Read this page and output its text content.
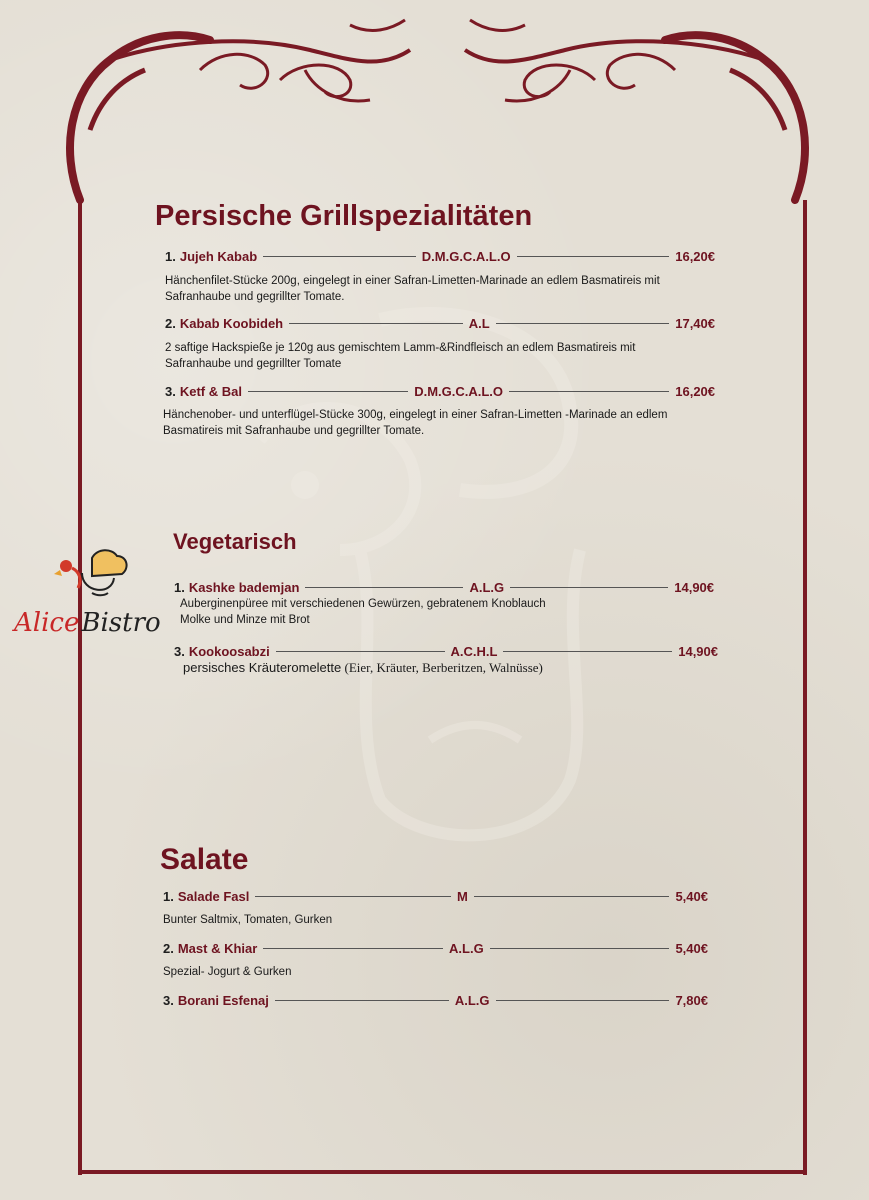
Persische Grillspezialitäten
1. Jujeh Kabab	D.M.G.C.A.L.O	16,20€
Hänchenfilet-Stücke 200g, eingelegt in einer Safran-Limetten-Marinade an edlem Basmatireis mit
Safranhaube und gegrillter Tomate.
2. Kabab Koobideh	A.L	17,40€
2 saftige Hackspieße je 120g aus gemischtem Lamm-&Rindfleisch an edlem Basmatireis mit
Safranhaube und gegrillter Tomate
3. Ketf & Bal	D.M.G.C.A.L.O	16,20€
Hänchenober- und unterflügel-Stücke 300g, eingelegt in einer Safran-Limetten -Marinade an edlem
Basmatireis mit Safranhaube und gegrillter Tomate.
AliceBistro
Vegetarisch
1. Kashke bademjan	A.L.G	14,90€
Auberginenpüree mit verschiedenen Gewürzen, gebratenem Knoblauch
Molke und Minze mit Brot
3. Kookoosabzi	A.C.H.L	14,90€
persisches Kräuteromelette (Eier, Kräuter, Berberitzen, Walnüsse)
Salate
1. Salade Fasl	M	5,40€
Bunter Saltmix, Tomaten, Gurken
2. Mast & Khiar	A.L.G	5,40€
Spezial- Jogurt & Gurken
3. Borani Esfenaj	A.L.G	7,80€
